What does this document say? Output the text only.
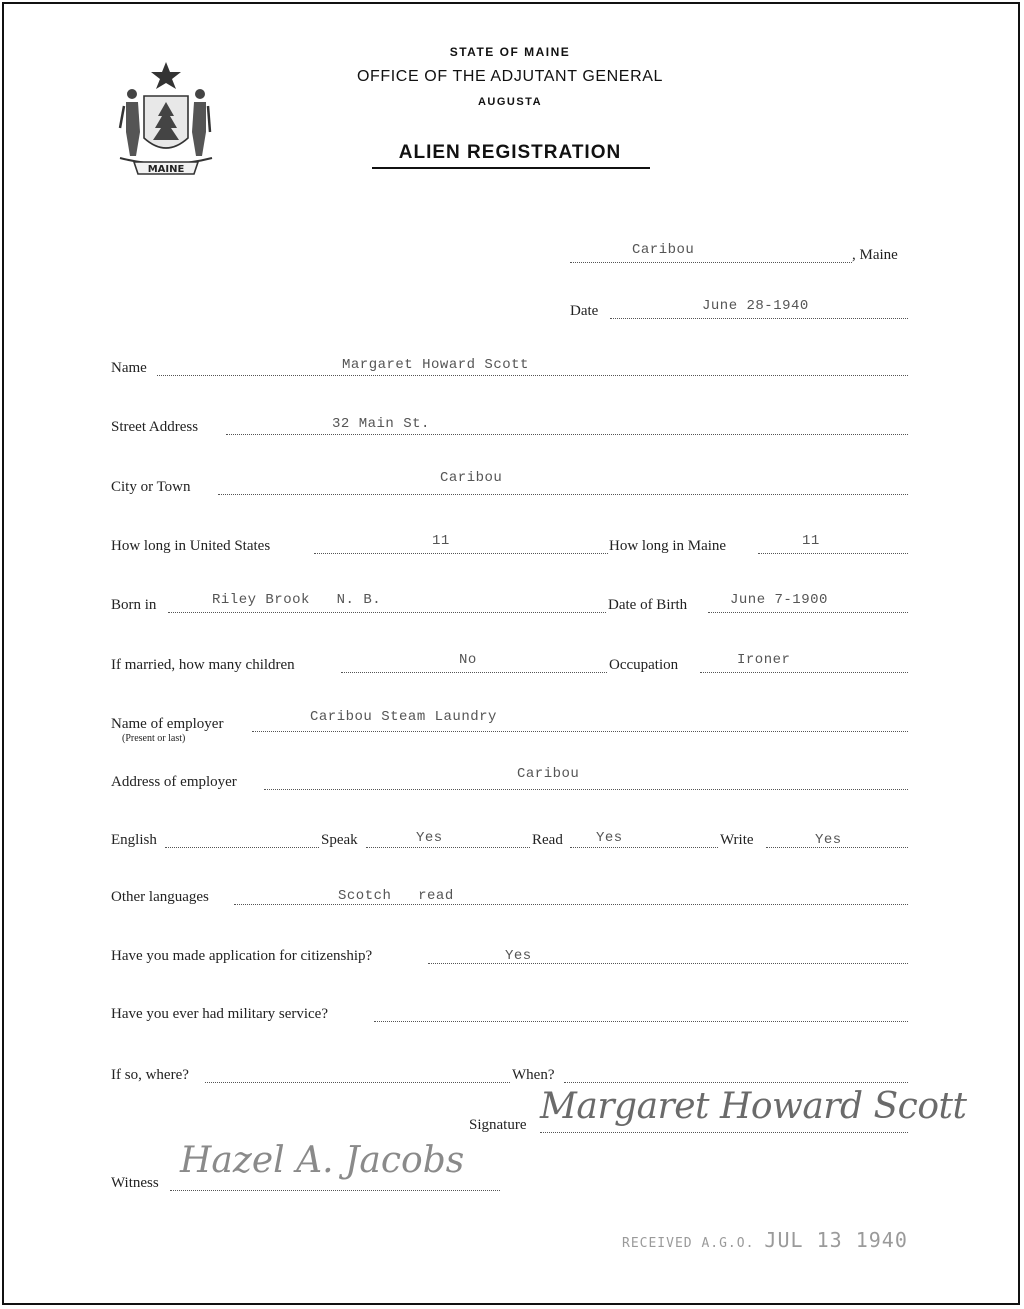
MAINE
STATE OF MAINE
OFFICE OF THE ADJUTANT GENERAL
AUGUSTA
ALIEN REGISTRATION
Caribou	, Maine
Date	June 28-1940
Name	Margaret Howard Scott
Street Address	32 Main St.
City or Town
Caribou
How long in United States	11	How long in Maine	11
Born in	Riley Brook   N. B.	Date of Birth	June 7-1900
If married, how many children	No	Occupation	Ironer
Name of employer
(Present or last)
Caribou Steam Laundry
Address of employer	Caribou
English	Speak	Yes	Read Yes	Write	Yes
Other languages	Scotch   read
Have you made application for citizenship?	Yes
Have you ever had military service?
If so, where?	When?
Signature Margaret Howard Scott
Witness
Hazel A. Jacobs
RECEIVED A.G.O. JUL 13 1940
